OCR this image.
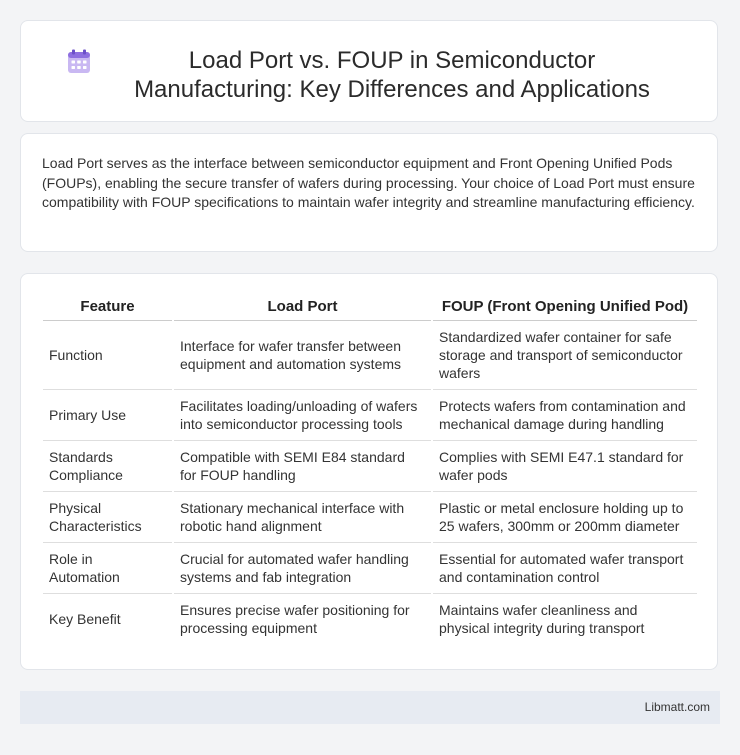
Load Port vs. FOUP in Semiconductor Manufacturing: Key Differences and Applications
Load Port serves as the interface between semiconductor equipment and Front Opening Unified Pods (FOUPs), enabling the secure transfer of wafers during processing. Your choice of Load Port must ensure compatibility with FOUP specifications to maintain wafer integrity and streamline manufacturing efficiency.
Feature	Load Port	FOUP (Front Opening Unified Pod)
Function	Interface for wafer transfer between equipment and automation systems	Standardized wafer container for safe storage and transport of semiconductor wafers
Primary Use	Facilitates loading/unloading of wafers into semiconductor processing tools	Protects wafers from contamination and mechanical damage during handling
Standards Compliance	Compatible with SEMI E84 standard for FOUP handling	Complies with SEMI E47.1 standard for wafer pods
Physical Characteristics	Stationary mechanical interface with robotic hand alignment	Plastic or metal enclosure holding up to 25 wafers, 300mm or 200mm diameter
Role in Automation	Crucial for automated wafer handling systems and fab integration	Essential for automated wafer transport and contamination control
Key Benefit	Ensures precise wafer positioning for processing equipment	Maintains wafer cleanliness and physical integrity during transport
Libmatt.com
